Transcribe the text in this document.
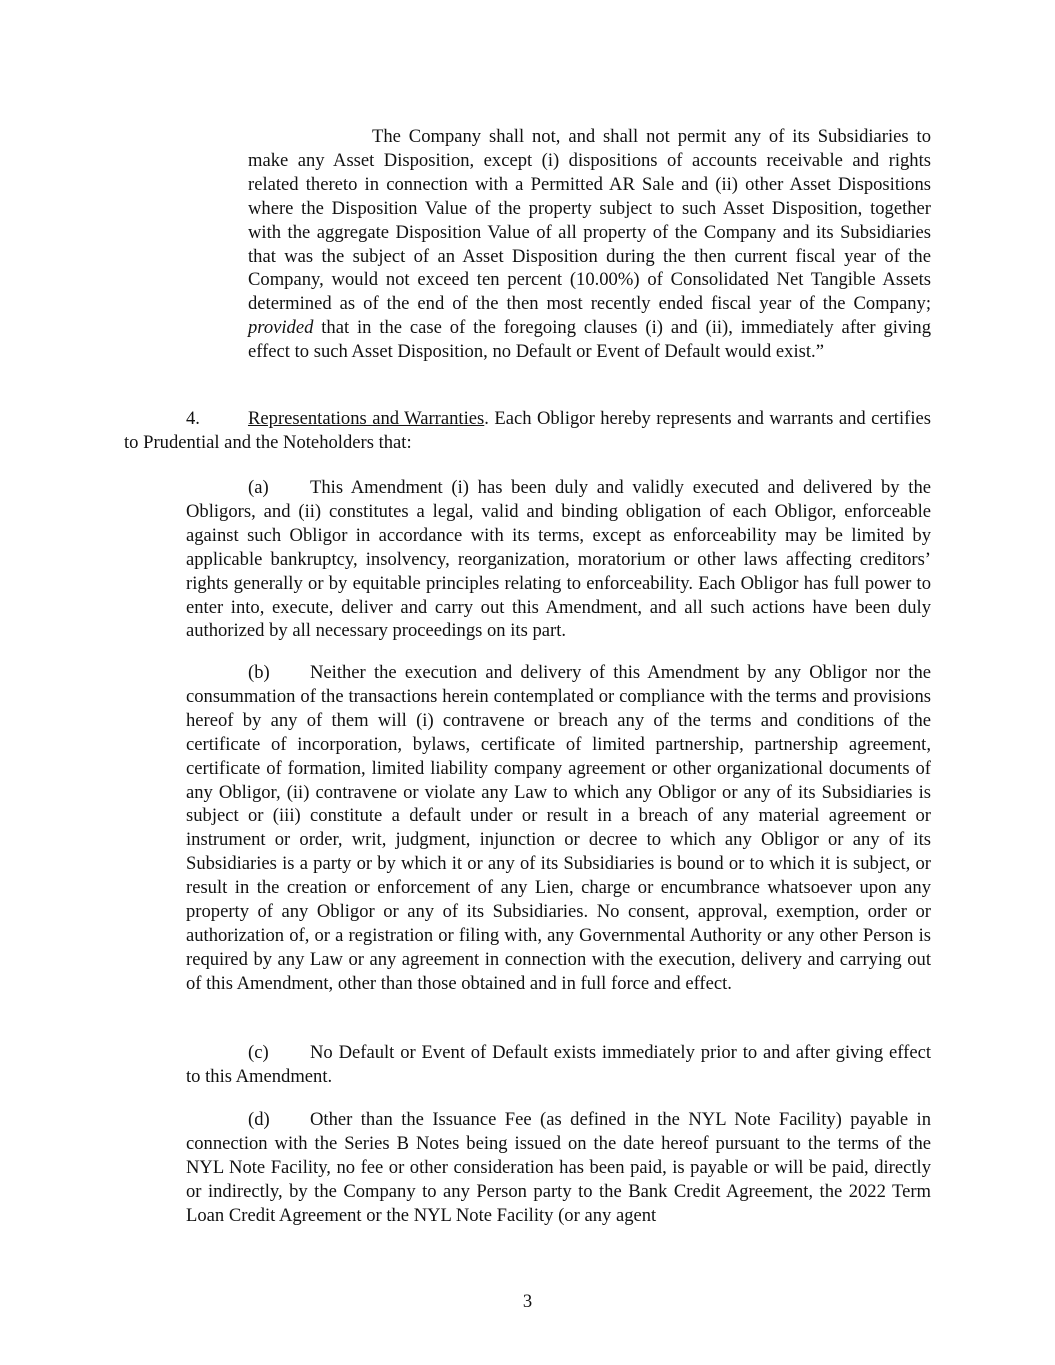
The Company shall not, and shall not permit any of its Subsidiaries to make any Asset Disposition, except (i) dispositions of accounts receivable and rights related thereto in connection with a Permitted AR Sale and (ii) other Asset Dispositions where the Disposition Value of the property subject to such Asset Disposition, together with the aggregate Disposition Value of all property of the Company and its Subsidiaries that was the subject of an Asset Disposition during the then current fiscal year of the Company, would not exceed ten percent (10.00%) of Consolidated Net Tangible Assets determined as of the end of the then most recently ended fiscal year of the Company; provided that in the case of the foregoing clauses (i) and (ii), immediately after giving effect to such Asset Disposition, no Default or Event of Default would exist.”

4.	Representations and Warranties. Each Obligor hereby represents and warrants and certifies to Prudential and the Noteholders that:

(a) This Amendment (i) has been duly and validly executed and delivered by the Obligors, and (ii) constitutes a legal, valid and binding obligation of each Obligor, enforceable against such Obligor in accordance with its terms, except as enforceability may be limited by applicable bankruptcy, insolvency, reorganization, moratorium or other laws affecting creditors’ rights generally or by equitable principles relating to enforceability. Each Obligor has full power to enter into, execute, deliver and carry out this Amendment, and all such actions have been duly authorized by all necessary proceedings on its part.

(b) Neither the execution and delivery of this Amendment by any Obligor nor the consummation of the transactions herein contemplated or compliance with the terms and provisions hereof by any of them will (i) contravene or breach any of the terms and conditions of the certificate of incorporation, bylaws, certificate of limited partnership, partnership agreement, certificate of formation, limited liability company agreement or other organizational documents of any Obligor, (ii) contravene or violate any Law to which any Obligor or any of its Subsidiaries is subject or (iii) constitute a default under or result in a breach of any material agreement or instrument or order, writ, judgment, injunction or decree to which any Obligor or any of its Subsidiaries is a party or by which it or any of its Subsidiaries is bound or to which it is subject, or result in the creation or enforcement of any Lien, charge or encumbrance whatsoever upon any property of any Obligor or any of its Subsidiaries. No consent, approval, exemption, order or authorization of, or a registration or filing with, any Governmental Authority or any other Person is required by any Law or any agreement in connection with the execution, delivery and carrying out of this Amendment, other than those obtained and in full force and effect.

(c) No Default or Event of Default exists immediately prior to and after giving effect to this Amendment.

(d) Other than the Issuance Fee (as defined in the NYL Note Facility) payable in connection with the Series B Notes being issued on the date hereof pursuant to the terms of the NYL Note Facility, no fee or other consideration has been paid, is payable or will be paid, directly or indirectly, by the Company to any Person party to the Bank Credit Agreement, the 2022 Term Loan Credit Agreement or the NYL Note Facility (or any agent

3
